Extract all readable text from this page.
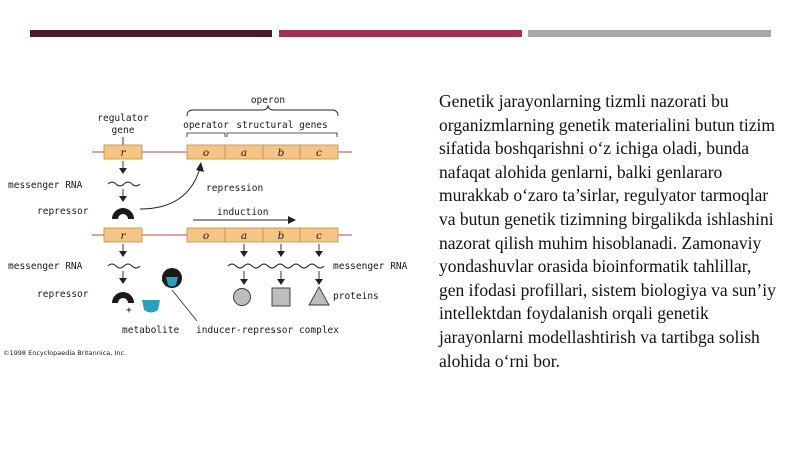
operon
regulator
gene	operator structural genes
r	o	a	b	c
messenger RNA
repressor
repression
induction
r	o	a	b	c
messenger RNA
repressor
+
metabolite inducer-repressor complex
messenger RNA
proteins
©1998 Encyclopaedia Britannica, Inc.

Genetik jarayonlarning tizmli nazorati bu organizmlarning genetik materialini butun tizim sifatida boshqarishni o‘z ichiga oladi, bunda nafaqat alohida genlarni, balki genlararo murakkab o‘zaro ta’sirlar, regulyator tarmoqlar va butun genetik tizimning birgalikda ishlashini nazorat qilish muhim hisoblanadi. Zamonaviy yondashuvlar orasida bioinformatik tahlillar, gen ifodasi profillari, sistem biologiya va sun’iy intellektdan foydalanish orqali genetik jarayonlarni modellashtirish va tartibga solish alohida o‘rni bor.
